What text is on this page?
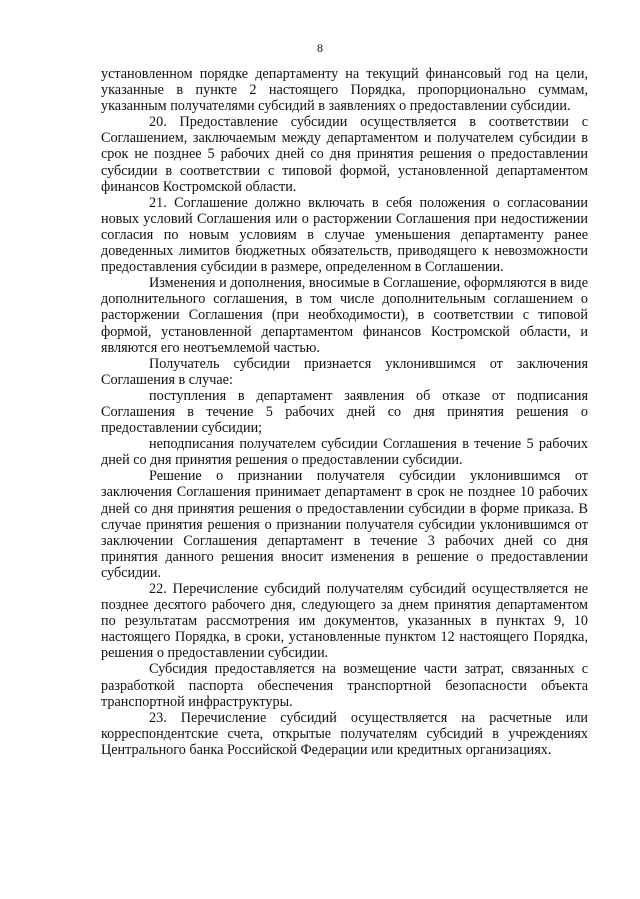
8

установленном порядке департаменту на текущий финансовый год на цели, указанные в пункте 2 настоящего Порядка, пропорционально суммам, указанным получателями субсидий в заявлениях о предоставлении субсидии.

20. Предоставление субсидии осуществляется в соответствии с Соглашением, заключаемым между департаментом и получателем субсидии в срок не позднее 5 рабочих дней со дня принятия решения о предоставлении субсидии в соответствии с типовой формой, установленной департаментом финансов Костромской области.

21. Соглашение должно включать в себя положения о согласовании новых условий Соглашения или о расторжении Соглашения при недостижении согласия по новым условиям в случае уменьшения департаменту ранее доведенных лимитов бюджетных обязательств, приводящего к невозможности предоставления субсидии в размере, определенном в Соглашении.

Изменения и дополнения, вносимые в Соглашение, оформляются в виде дополнительного соглашения, в том числе дополнительным соглашением о расторжении Соглашения (при необходимости), в соответствии с типовой формой, установленной департаментом финансов Костромской области, и являются его неотъемлемой частью.

Получатель субсидии признается уклонившимся от заключения Соглашения в случае:

поступления в департамент заявления об отказе от подписания Соглашения в течение 5 рабочих дней со дня принятия решения о предоставлении субсидии;

неподписания получателем субсидии Соглашения в течение 5 рабочих дней со дня принятия решения о предоставлении субсидии.

Решение о признании получателя субсидии уклонившимся от заключения Соглашения принимает департамент в срок не позднее 10 рабочих дней со дня принятия решения о предоставлении субсидии в форме приказа. В случае принятия решения о признании получателя субсидии уклонившимся от заключении Соглашения департамент в течение 3 рабочих дней со дня принятия данного решения вносит изменения в решение о предоставлении субсидии.

22. Перечисление субсидий получателям субсидий осуществляется не позднее десятого рабочего дня, следующего за днем принятия департаментом по результатам рассмотрения им документов, указанных в пунктах 9, 10 настоящего Порядка, в сроки, установленные пунктом 12 настоящего Порядка, решения о предоставлении субсидии.

Субсидия предоставляется на возмещение части затрат, связанных с разработкой паспорта обеспечения транспортной безопасности объекта транспортной инфраструктуры.

23. Перечисление субсидий осуществляется на расчетные или корреспондентские счета, открытые получателям субсидий в учреждениях Центрального банка Российской Федерации или кредитных организациях.
